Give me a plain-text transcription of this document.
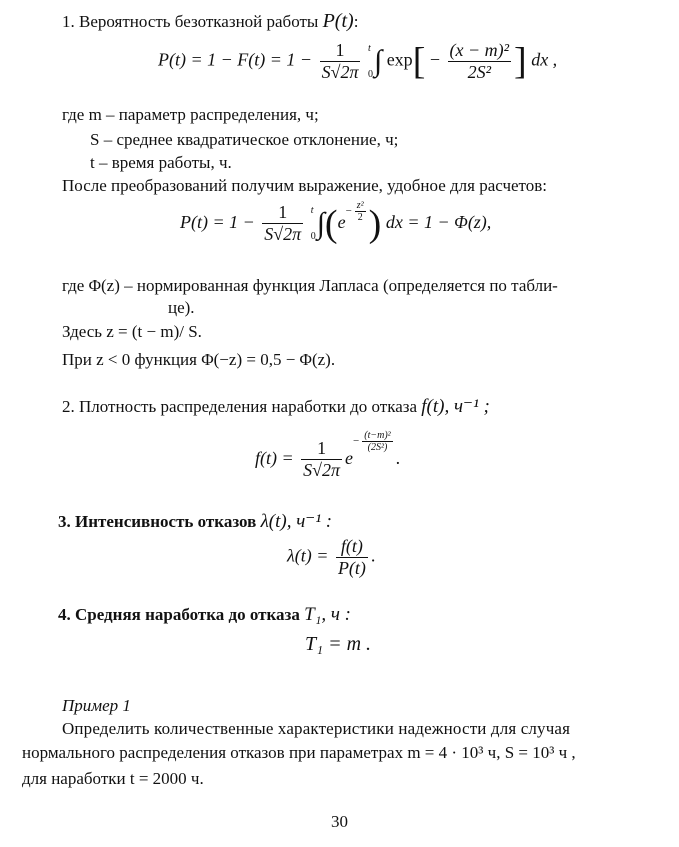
1. Вероятность безотказной работы P(t):
$P(t) = 1 - F(t) = 1 - \frac{1}{S√2\pi}$
t
0 ∫ $\exp[ - \frac{\text{(x − m)²}}{\text{2S²}}$ ] dx ,
где m – параметр распределения, ч;
S – среднее квадратическое отклонение, ч;
t – время работы, ч.
После преобразований получим выражение, удобное для расчетов:
$P(t) = 1 - \frac{1}{S√2\pi}$
t
0 $\int(e- \frac{\text{z²}}{2}$ ) dx = 1 − Φ(z),
где Φ(z) – нормированная функция Лапласа (определяется по табли-
це).
Здесь z = (t − m)/ S.
При z < 0 функция Φ(−z) = 0,5 − Φ(z).
2. Плотность распределения наработки до отказа f(t), ч⁻¹ ;
$f(t) = \frac{1}{S√2\pi} e- \frac{\text{(t−m)²}}{\text{(2S²)}}$
.
3. Интенсивность отказов λ(t), ч⁻¹ :
$\lambda(t) = \frac{f(t)}{P(t)}$ .
4. Средняя наработка до отказа T₁, ч :
T₁ = m .
Пример 1
Определить количественные характеристики надежности для случая
нормального распределения отказов при параметрах m = 4 · 10³ ч, S = 10³ ч ,
для наработки t = 2000 ч.
30
